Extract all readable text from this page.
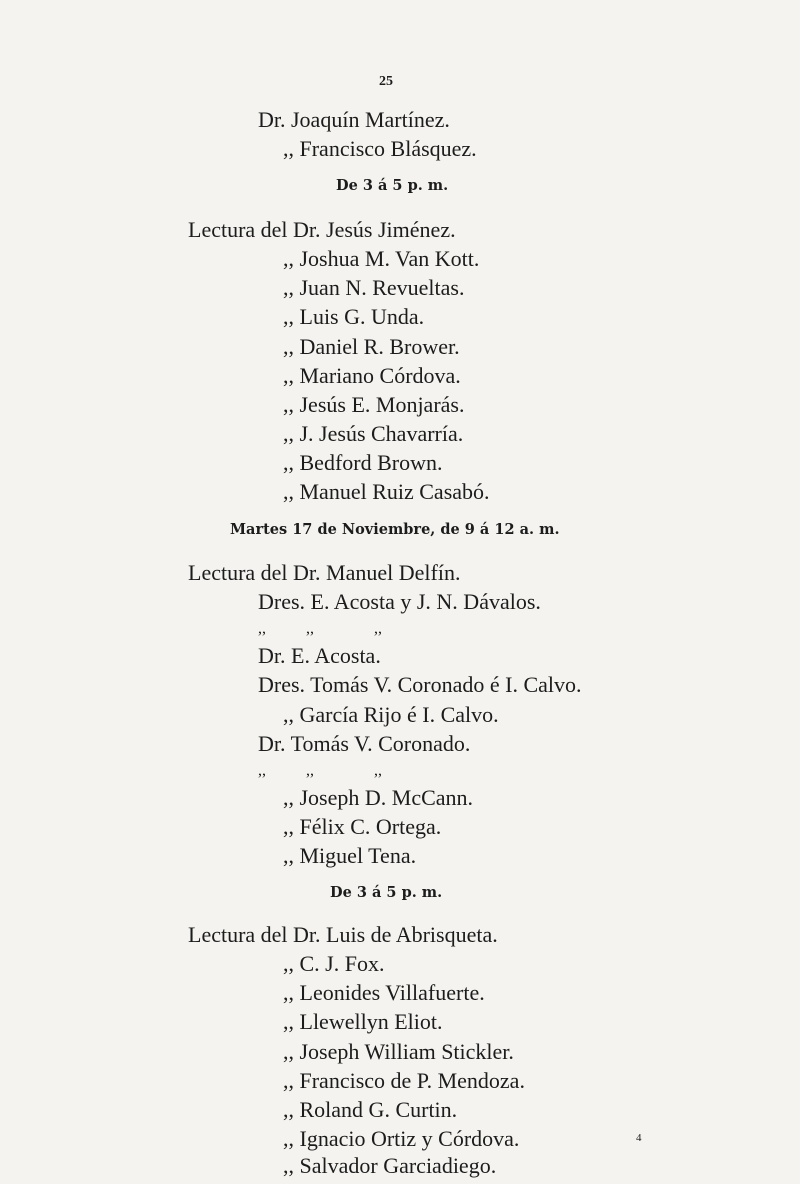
25
Dr. Joaquín Martínez.
,, Francisco Blásquez.
De 3 á 5 p. m.
Lectura del Dr. Jesús Jiménez.
,, Joshua M. Van Kott.
,, Juan N. Revueltas.
,, Luis G. Unda.
,, Daniel R. Brower.
,, Mariano Córdova.
,, Jesús E. Monjarás.
,, J. Jesús Chavarría.
,, Bedford Brown.
,, Manuel Ruiz Casabó.
Martes 17 de Noviembre, de 9 á 12 a. m.
Lectura del Dr. Manuel Delfín.
Dres. E. Acosta y J. N. Dávalos.
,,          ,,               ,,
Dr. E. Acosta.
Dres. Tomás V. Coronado é I. Calvo.
,, García Rijo é I. Calvo.
Dr. Tomás V. Coronado.
,,          ,,               ,,
,, Joseph D. McCann.
,, Félix C. Ortega.
,, Miguel Tena.
De 3 á 5 p. m.
Lectura del Dr. Luis de Abrisqueta.
,, C. J. Fox.
,, Leonides Villafuerte.
,, Llewellyn Eliot.
,, Joseph William Stickler.
,, Francisco de P. Mendoza.
,, Roland G. Curtin.
,, Ignacio Ortiz y Córdova.
,, Salvador Garciadiego.
4
